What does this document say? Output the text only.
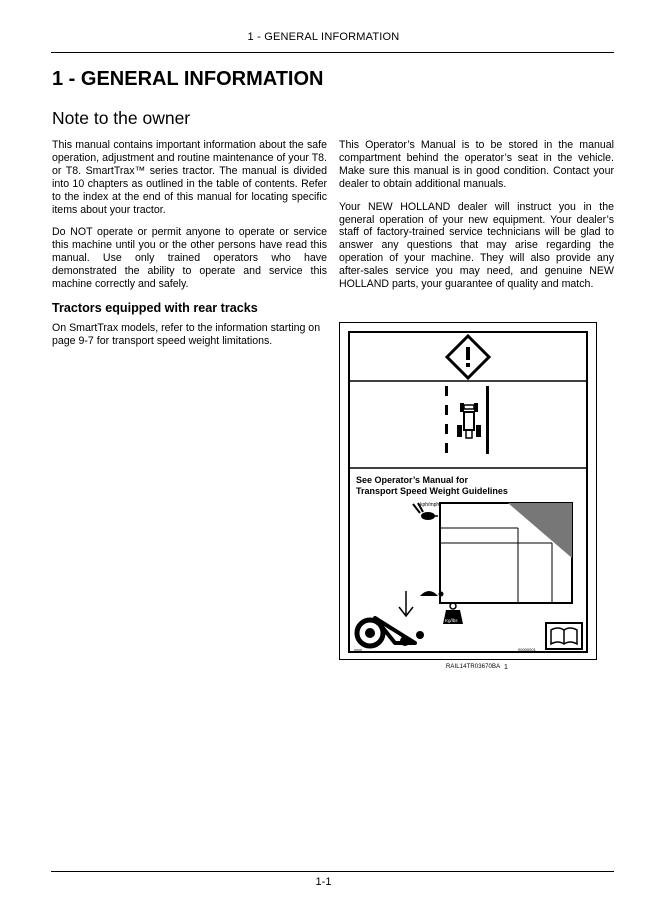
1 - GENERAL INFORMATION
1 - GENERAL INFORMATION
Note to the owner

This manual contains important information about the safe operation, adjustment and routine maintenance of your T8. or T8. SmartTrax™ series tractor. The manual is divided into 10 chapters as outlined in the table of contents. Refer to the index at the end of this manual for locating specific items about your tractor.

Do NOT operate or permit anyone to operate or service this machine until you or the other persons have read this manual. Use only trained operators who have demonstrated the ability to operate and service this machine correctly and safely.

This Operator’s Manual is to be stored in the manual compartment behind the operator’s seat in the vehicle. Make sure this manual is in good condition. Contact your dealer to obtain additional manuals.

Your NEW HOLLAND dealer will instruct you in the general operation of your new equipment. Your dealer’s staff of factory-trained service technicians will be glad to answer any questions that may arise regarding the operation of your machine. They will also provide any after-sales service you may need, and genuine NEW HOLLAND parts, your guarantee of quality and match.

Tractors equipped with rear tracks

On SmartTrax models, refer to the information starting on page 9-7 for transport speed weight limitations.

See Operator’s Manual for
Transport Speed Weight Guidelines
kph/mph
Kg/lbs
xxxx	00000001
RAIL14TR03670BA 1
1-1
